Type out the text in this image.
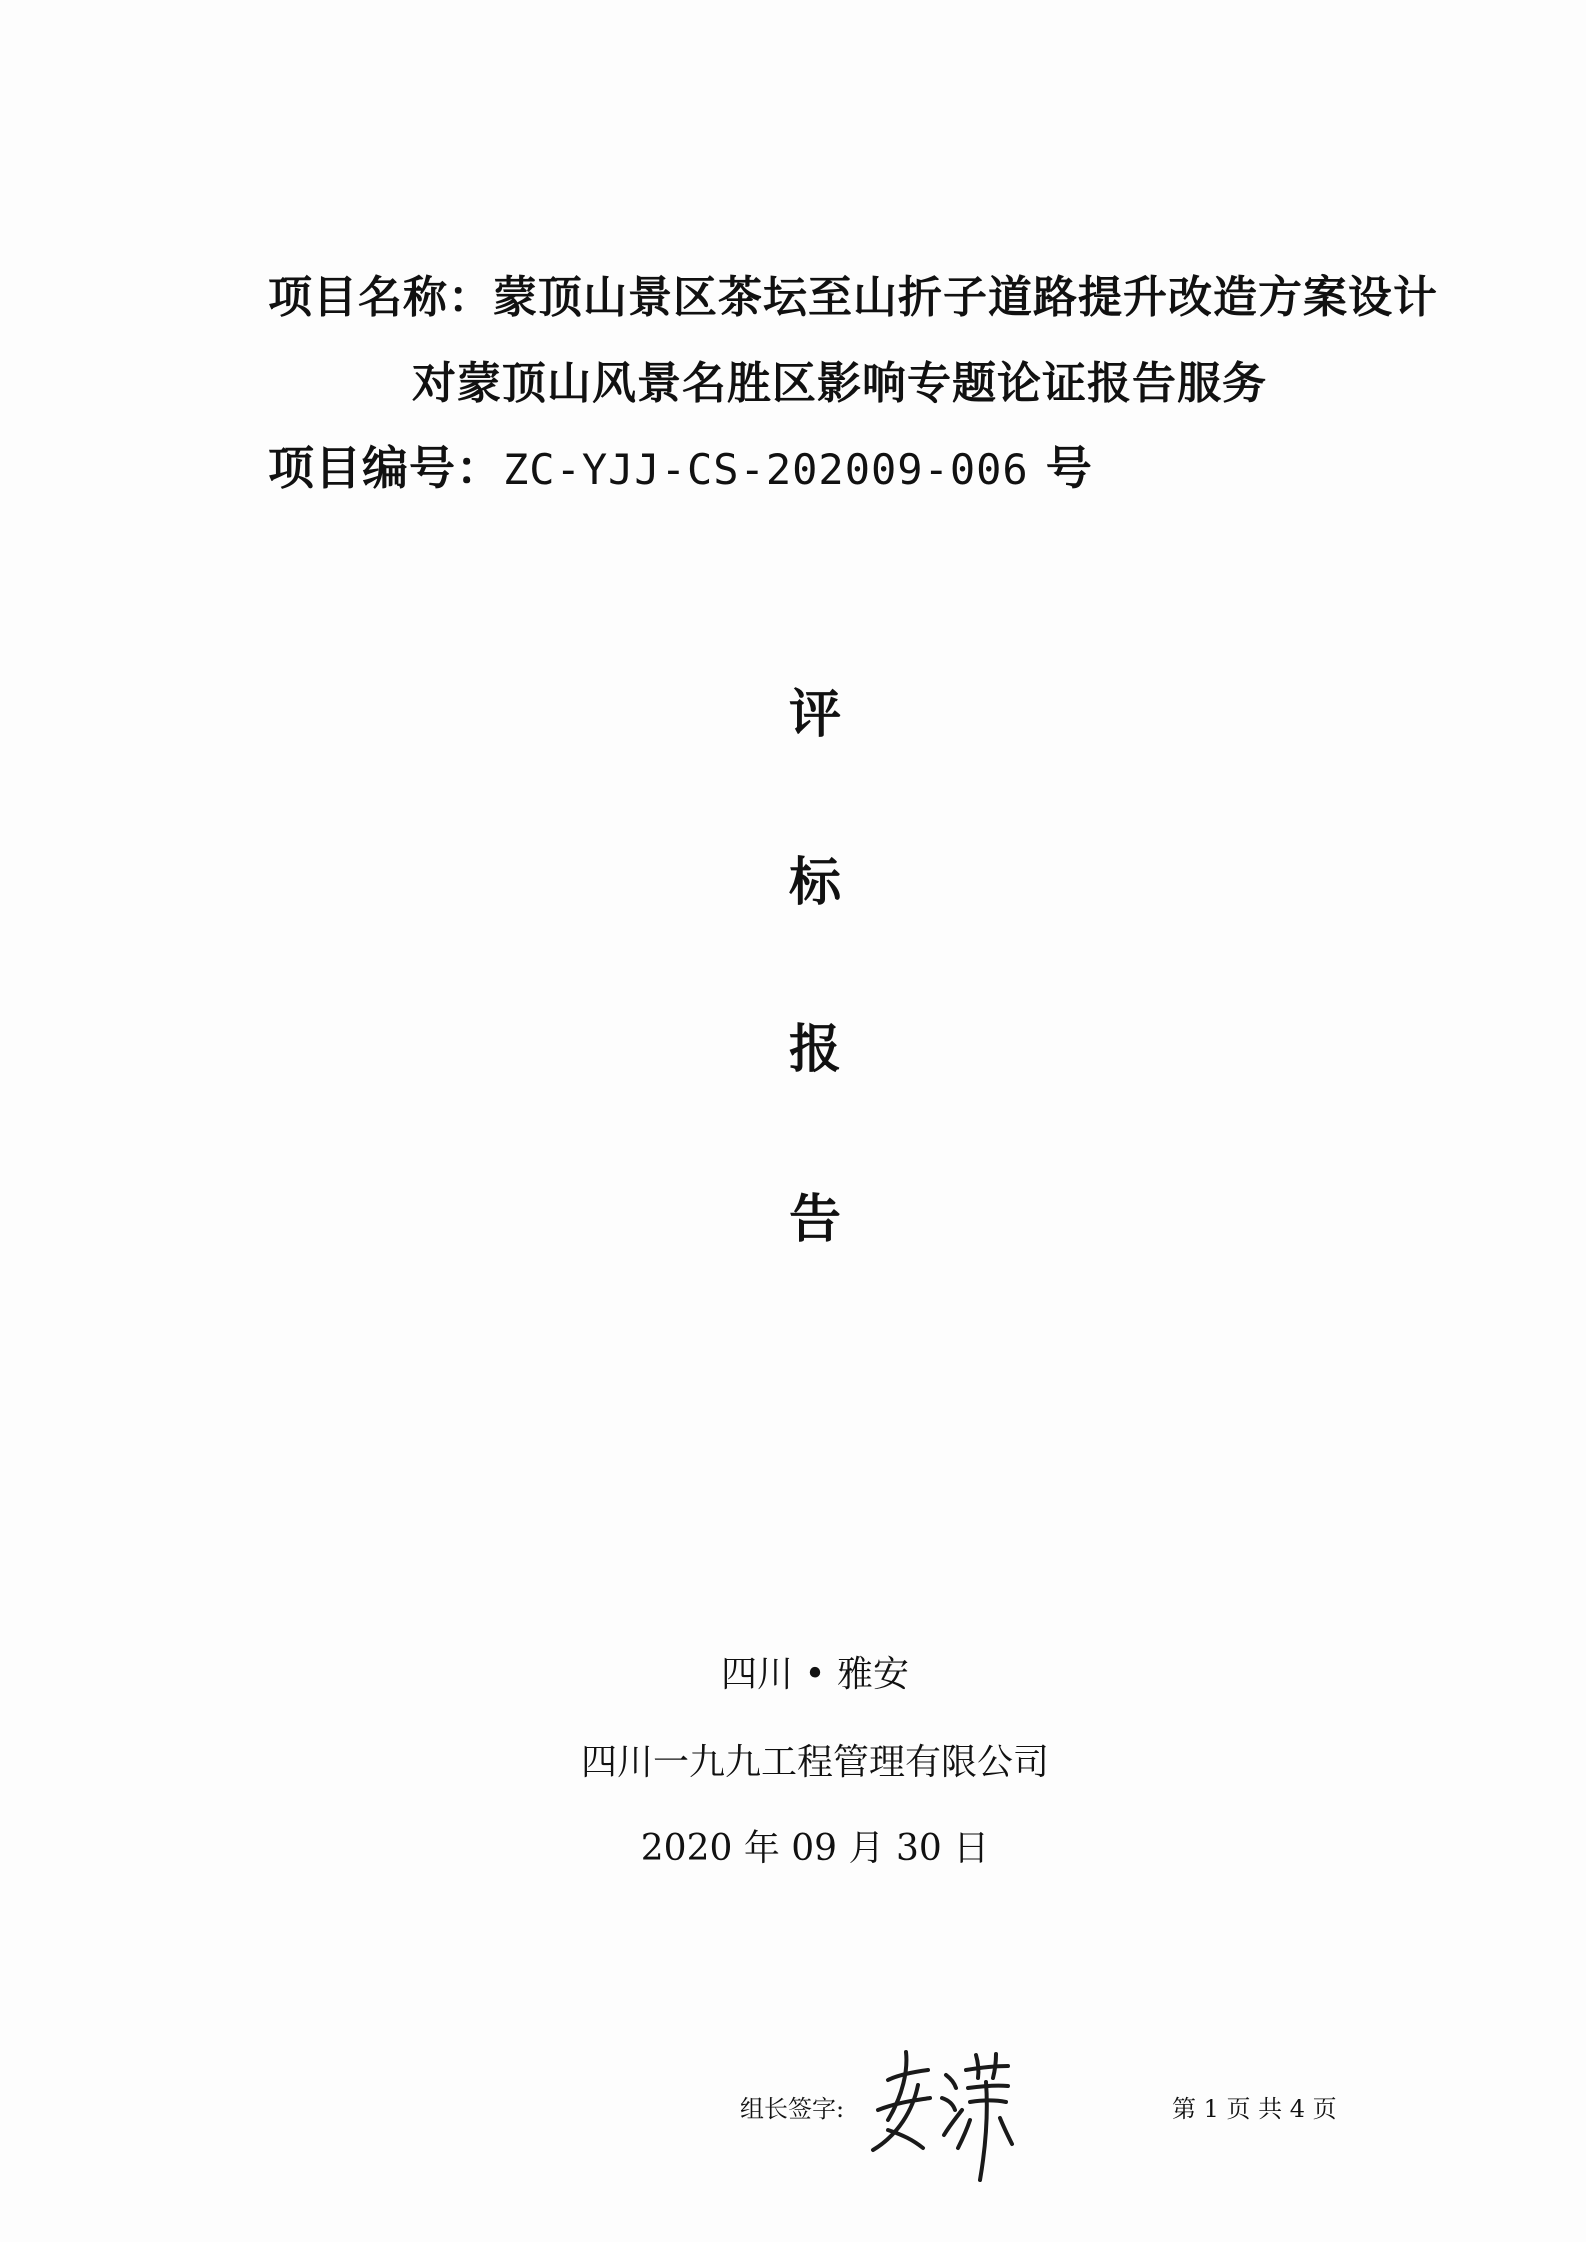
项目名称：蒙顶山景区茶坛至山折子道路提升改造方案设计
对蒙顶山风景名胜区影响专题论证报告服务
项目编号：ZC-YJJ-CS-202009-006 号
评
标
报
告
四川 • 雅安
四川一九九工程管理有限公司
2020 年 09 月 30 日
组长签字:	第 1 页 共 4 页
